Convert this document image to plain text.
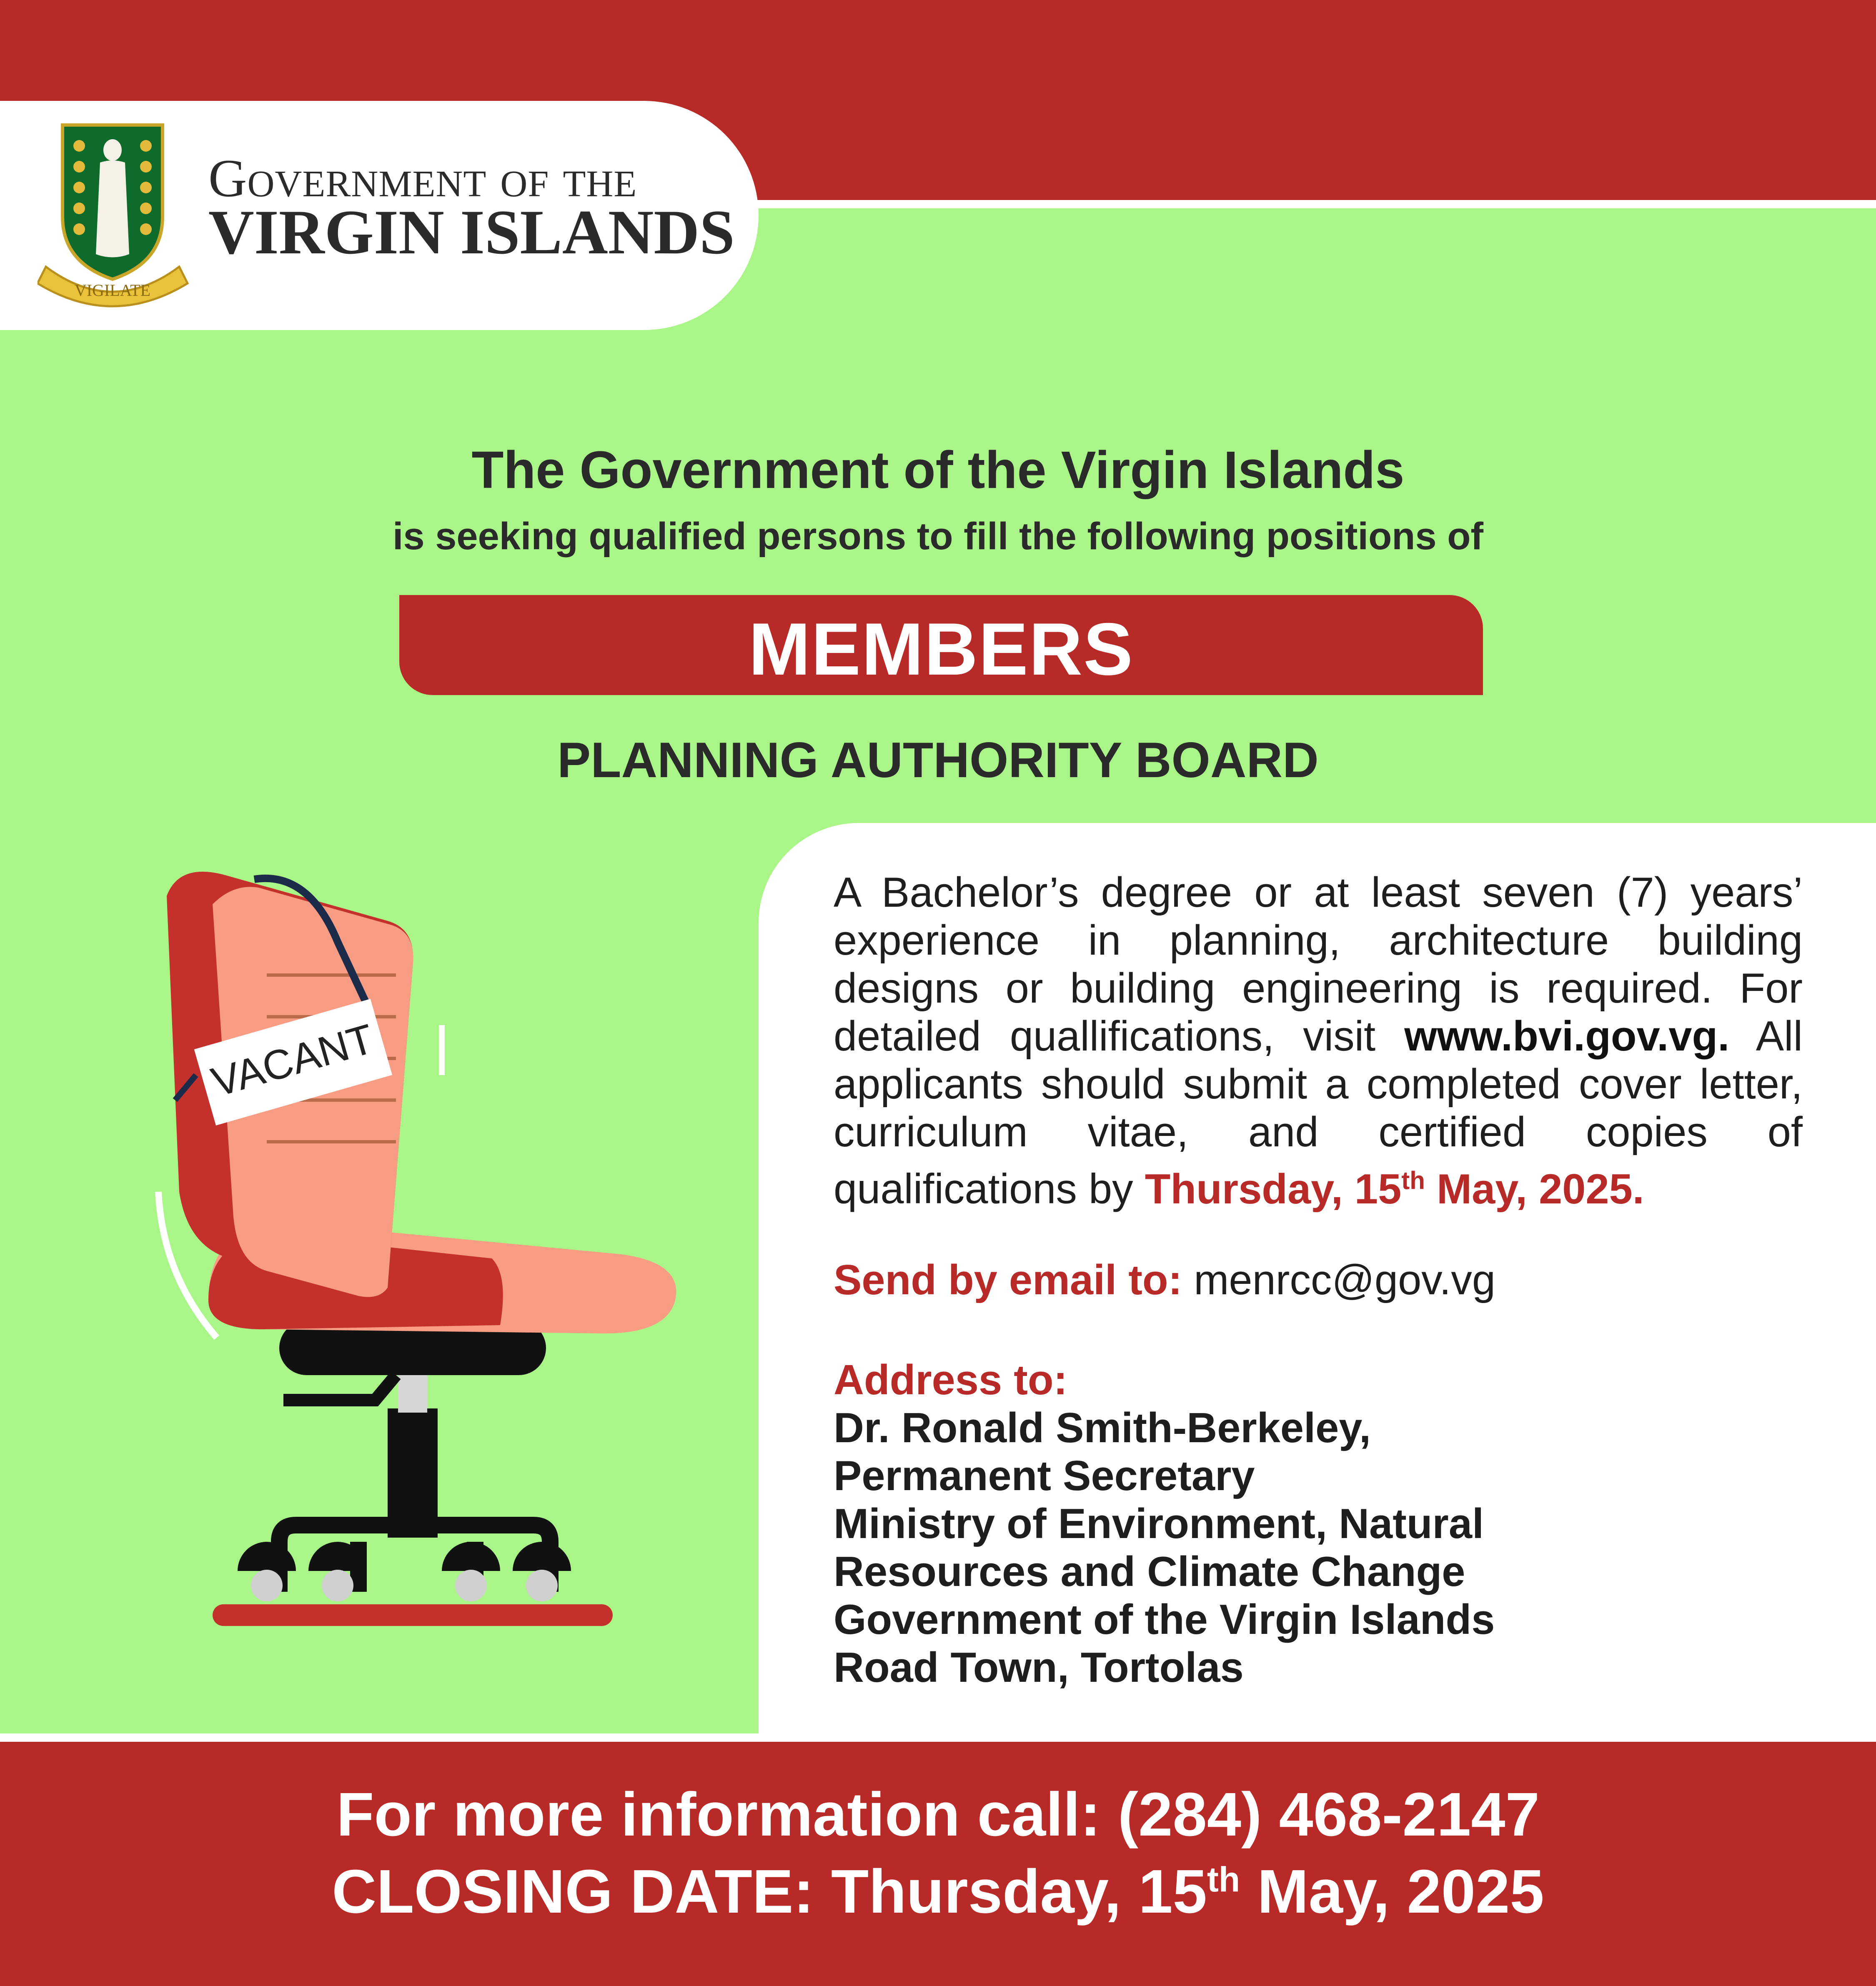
VIGILATE
Government of the
VIRGIN ISLANDS
The Government of the Virgin Islands
is seeking qualified persons to fill the following positions of
MEMBERS
PLANNING AUTHORITY BOARD
VACANT
A Bachelor’s degree or at least seven (7) years’ experience in planning, architecture building designs or building engineering is required. For detailed quallifications, visit www.bvi.gov.vg. All applicants should submit a completed cover letter, curriculum vitae, and certified copies of qualifications by Thursday, 15th May, 2025.
Send by email to: menrcc@gov.vg
Address to:
Dr. Ronald Smith-Berkeley,
Permanent Secretary
Ministry of Environment, Natural
Resources and Climate Change
Government of the Virgin Islands
Road Town, Tortolas
For more information call: (284) 468-2147
CLOSING DATE: Thursday, 15th May, 2025
